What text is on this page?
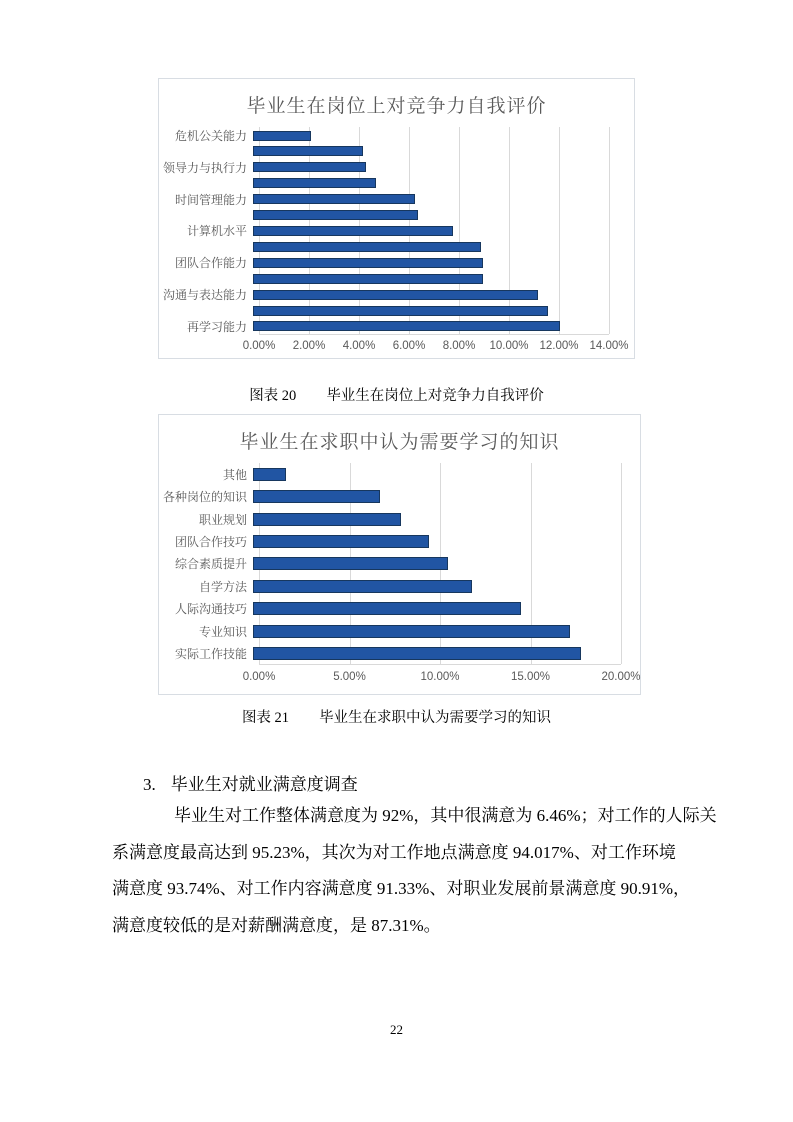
毕业生在岗位上对竞争力自我评价
危机公关能力
领导力与执行力
时间管理能力
计算机水平
团队合作能力
沟通与表达能力
再学习能力
0.00% 2.00% 4.00% 6.00% 8.00% 10.00% 12.00% 14.00%
图表 20 毕业生在岗位上对竞争力自我评价
毕业生在求职中认为需要学习的知识
其他
各种岗位的知识
职业规划
团队合作技巧
综合素质提升
自学方法
人际沟通技巧
专业知识
实际工作技能
0.00%	5.00%	10.00%	15.00%	20.00%
图表 21 毕业生在求职中认为需要学习的知识
3. 毕业生对就业满意度调查
毕业生对工作整体满意度为 92%，其中很满意为 6.46%；对工作的人际关
系满意度最高达到 95.23%，其次为对工作地点满意度 94.017%、对工作环境
满意度 93.74%、对工作内容满意度 91.33%、对职业发展前景满意度 90.91%，
满意度较低的是对薪酬满意度，是 87.31%。
22
